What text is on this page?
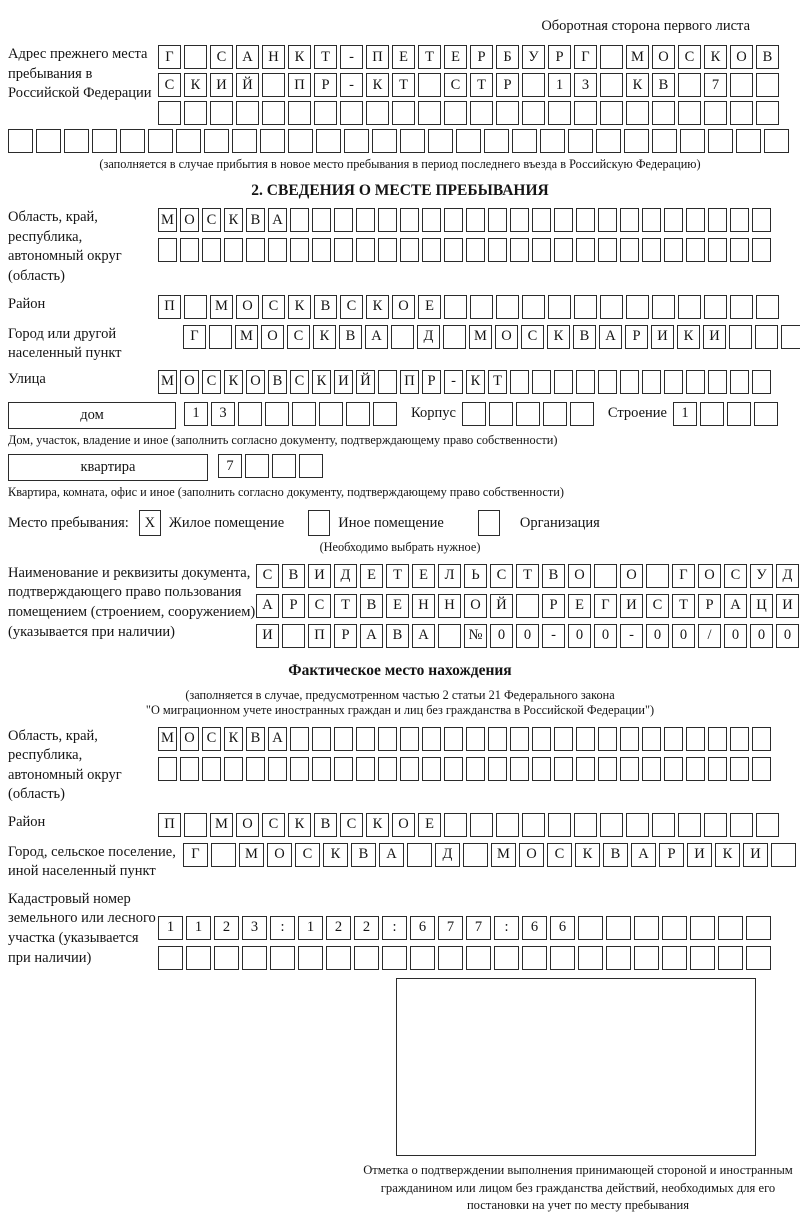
Оборотная сторона первого листа
Адрес прежнего места пребывания в Российской Федерации
Г	С	А	Н	К	Т	-	П	Е	Т	Е	Р	Б	У	Р	Г	М О	С	К	О	В
С	К	И	Й	П	Р	-	К	Т	С	Т	Р	1	3	К	В	7
(заполняется в случае прибытия в новое место пребывания в период последнего въезда в Российскую Федерацию)
2. СВЕДЕНИЯ О МЕСТЕ ПРЕБЫВАНИЯ
Область, край, республика, автономный округ (область)
М О С К В А
Район	П	М О	С	К	В	С	К	О	Е
Город или другой населенный пункт
Г	М О	С	К	В	А	Д	М О	С	К	В	А	Р	И	К	И
Улица	М О С К О В С К И Й П Р	-	К Т
дом	1	3	Корпус	Строение 1
Дом, участок, владение и иное (заполнить согласно документу, подтверждающему право собственности)
квартира	7
Квартира, комната, офис и иное (заполнить согласно документу, подтверждающему право собственности)
Место пребывания:	X Жилое помещение	Иное помещение	Организация
(Необходимо выбрать нужное)
Наименование и реквизиты документа, подтверждающего право пользования помещением (строением, сооружением) (указывается при наличии)
С	В	И	Д	Е	Т	Е	Л	Ь	С	Т	В	О	О	Г	О	С	У	Д
А	Р	С	Т	В	Е	Н	Н	О	Й	Р	Е	Г	И	С	Т	Р	А	Ц	И
И	П	Р	А	В	А	№	0	0	-	0	0	-	0	0	/	0	0	0
Фактическое место нахождения
(заполняется в случае, предусмотренном частью 2 статьи 21 Федерального закона
"О миграционном учете иностранных граждан и лиц без гражданства в Российской Федерации")
Область, край, республика, автономный округ (область)
М О С К В А
Район	П	М О	С	К	В	С	К	О	Е
Город, сельское поселение, иной населенный пункт
Г	М	О	С	К	В	А	Д	М	О	С	К	В	А	Р	И	К	И
Кадастровый номер земельного или лесного участка (указывается при наличии)
1	1	2	3	:	1	2	2	:	6	7	7	:	6	6
Отметка о подтверждении выполнения принимающей стороной и иностранным гражданином или лицом без гражданства действий, необходимых для его постановки на учет по месту пребывания
